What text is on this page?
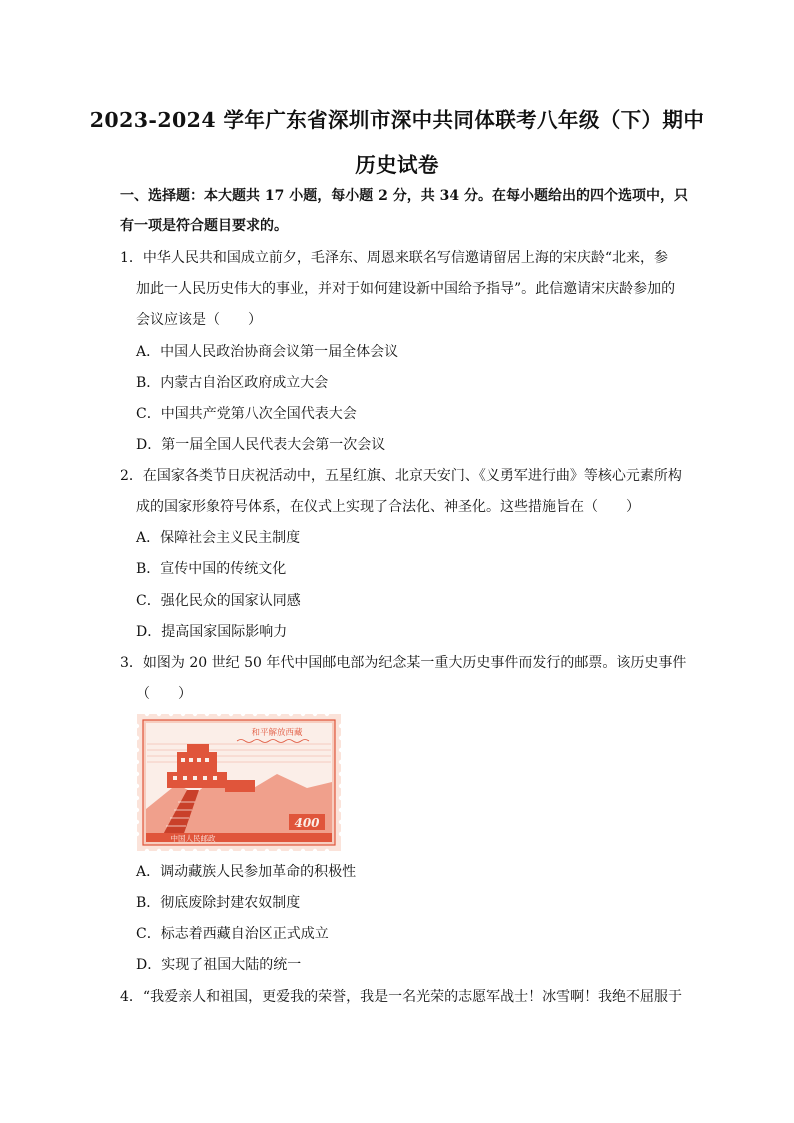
2023-2024 学年广东省深圳市深中共同体联考八年级（下）期中
历史试卷
一、选择题：本大题共 17 小题，每小题 2 分，共 34 分。在每小题给出的四个选项中，只
有一项是符合题目要求的。
1．中华人民共和国成立前夕，毛泽东、周恩来联名写信邀请留居上海的宋庆龄“北来，参
加此一人民历史伟大的事业，并对于如何建设新中国给予指导”。此信邀请宋庆龄参加的
会议应该是（　　）
A．中国人民政治协商会议第一届全体会议
B．内蒙古自治区政府成立大会
C．中国共产党第八次全国代表大会
D．第一届全国人民代表大会第一次会议
2．在国家各类节日庆祝活动中，五星红旗、北京天安门、《义勇军进行曲》等核心元素所构
成的国家形象符号体系，在仪式上实现了合法化、神圣化。这些措施旨在（　　）
A．保障社会主义民主制度
B．宣传中国的传统文化
C．强化民众的国家认同感
D．提高国家国际影响力
3．如图为 20 世纪 50 年代中国邮电部为纪念某一重大历史事件而发行的邮票。该历史事件
（　　）
和平解放西藏
400
中国人民邮政
A．调动藏族人民参加革命的积极性
B．彻底废除封建农奴制度
C．标志着西藏自治区正式成立
D．实现了祖国大陆的统一
4．“我爱亲人和祖国，更爱我的荣誉，我是一名光荣的志愿军战士！冰雪啊！我绝不屈服于
